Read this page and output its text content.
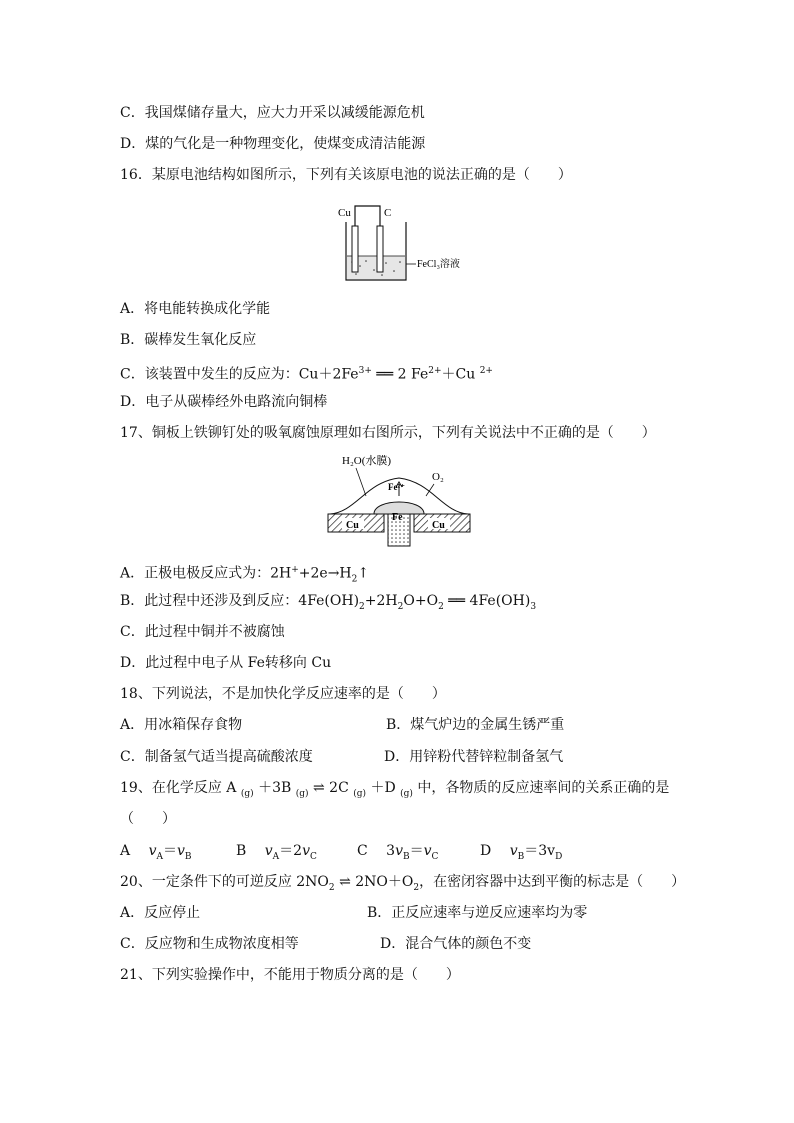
C．我国煤储存量大，应大力开采以减缓能源危机
D．煤的气化是一种物理变化，使煤变成清洁能源
16．某原电池结构如图所示，下列有关该原电池的说法正确的是（　　）
Cu	C
FeCl₃溶液
A．将电能转换成化学能
B．碳棒发生氧化反应
C．该装置中发生的反应为：$Cu+2Fe^{3+}$ ══ 2 $Fe^{2+}+Cu$ $^{2+}$
D．电子从碳棒经外电路流向铜棒
17、铜板上铁铆钉处的吸氧腐蚀原理如右图所示，下列有关说法中不正确的是（　　）
H₂O(水膜)
O₂
Cu	Cu
Fe
Fe²⁺
A．正极电极反应式为：$2H^++2e\to H_2↑$
B．此过程中还涉及到反应：$4Fe(OH)_2+2H_2O+O_2$ ══ $4Fe(OH)_3$
C．此过程中铜并不被腐蚀
D．此过程中电子从 Fe转移向 Cu
18、下列说法，不是加快化学反应速率的是（　　）
A．用冰箱保存食物	B．煤气炉边的金属生锈严重
C．制备氢气适当提高硫酸浓度	D．用锌粉代替锌粒制备氢气
19、在化学反应 A $_{(g)}$ ＋3B $_{(g)}$ ⇌ 2C $_{(g)}$ ＋D $_{(g)}$ 中，各物质的反应速率间的关系正确的是
（　　）
A　 $v_A=v_B$	B　 $v_A=2v_C$	C　 $3v_B=v_C$	D　 $v_B=3v_D$
20、一定条件下的可逆反应 $2NO_2$ ⇌ $2NO+O_2$，在密闭容器中达到平衡的标志是（　　）
A．反应停止	B．正反应速率与逆反应速率均为零
C．反应物和生成物浓度相等	D．混合气体的颜色不变
21、下列实验操作中，不能用于物质分离的是（　　）
